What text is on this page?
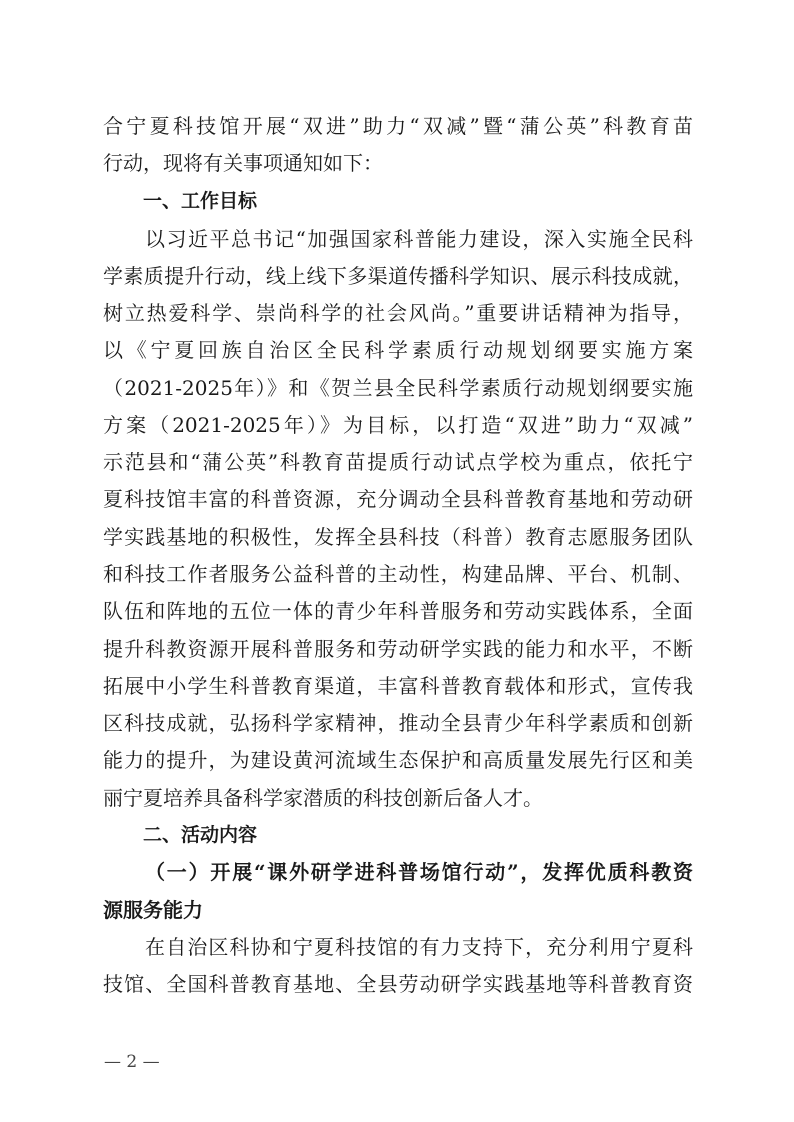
合宁夏科技馆开展“双进”助力“双减”暨“蒲公英”科教育苗
行动，现将有关事项通知如下：
一、工作目标
以习近平总书记“加强国家科普能力建设，深入实施全民科
学素质提升行动，线上线下多渠道传播科学知识、展示科技成就，
树立热爱科学、崇尚科学的社会风尚。”重要讲话精神为指导，
以《宁夏回族自治区全民科学素质行动规划纲要实施方案
（2021-2025年）》和《贺兰县全民科学素质行动规划纲要实施
方案（2021-2025年）》为目标，以打造“双进”助力“双减”
示范县和“蒲公英”科教育苗提质行动试点学校为重点，依托宁
夏科技馆丰富的科普资源，充分调动全县科普教育基地和劳动研
学实践基地的积极性，发挥全县科技（科普）教育志愿服务团队
和科技工作者服务公益科普的主动性，构建品牌、平台、机制、
队伍和阵地的五位一体的青少年科普服务和劳动实践体系，全面
提升科教资源开展科普服务和劳动研学实践的能力和水平，不断
拓展中小学生科普教育渠道，丰富科普教育载体和形式，宣传我
区科技成就，弘扬科学家精神，推动全县青少年科学素质和创新
能力的提升，为建设黄河流域生态保护和高质量发展先行区和美
丽宁夏培养具备科学家潜质的科技创新后备人才。
二、活动内容
（一）开展“课外研学进科普场馆行动”，发挥优质科教资
源服务能力
在自治区科协和宁夏科技馆的有力支持下，充分利用宁夏科
技馆、全国科普教育基地、全县劳动研学实践基地等科普教育资
— 2 —
